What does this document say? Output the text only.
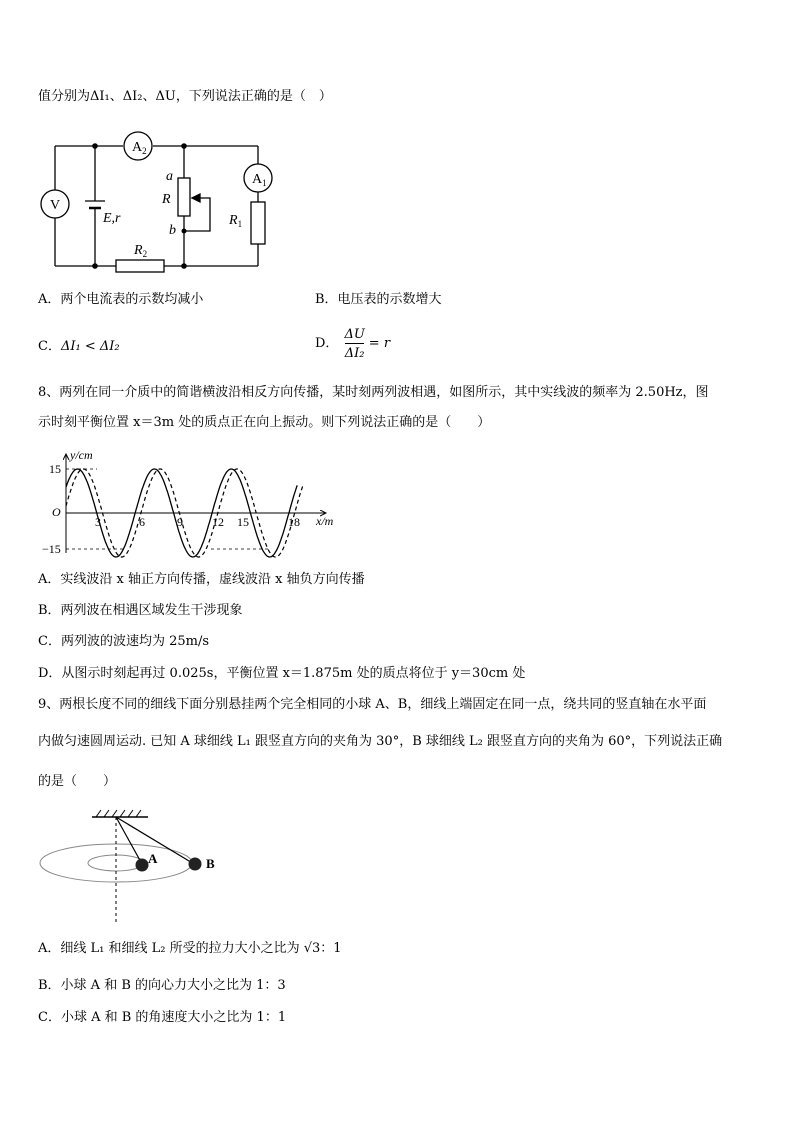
值分别为ΔI₁、ΔI₂、ΔU，下列说法正确的是（　）
$A_2$
$A_1$
V
E,r
a
R
b
$R_1$
$R_2$
A．两个电流表的示数均减小	B．电压表的示数增大
C．ΔI₁ < ΔI₂	D． $\frac{\Delta U}{\text{ΔI₂}} = r$
8、两列在同一介质中的简谐横波沿相反方向传播，某时刻两列波相遇，如图所示，其中实线波的频率为 2.50Hz，图
示时刻平衡位置 x＝3m 处的质点正在向上振动。则下列说法正确的是（　　）
y/cm
x/m
O
15
−15
3	6	9 12 15	18
A．实线波沿 x 轴正方向传播，虚线波沿 x 轴负方向传播
B．两列波在相遇区域发生干涉现象
C．两列波的波速均为 25m/s
D．从图示时刻起再过 0.025s，平衡位置 x＝1.875m 处的质点将位于 y＝30cm 处
9、两根长度不同的细线下面分别悬挂两个完全相同的小球 A、B，细线上端固定在同一点，绕共同的竖直轴在水平面
内做匀速圆周运动. 已知 A 球细线 L₁ 跟竖直方向的夹角为 30°，B 球细线 L₂ 跟竖直方向的夹角为 60°，下列说法正确
的是（　　）
A	B
A．细线 L₁ 和细线 L₂ 所受的拉力大小之比为 √3：1
B．小球 A 和 B 的向心力大小之比为 1：3
C．小球 A 和 B 的角速度大小之比为 1：1
